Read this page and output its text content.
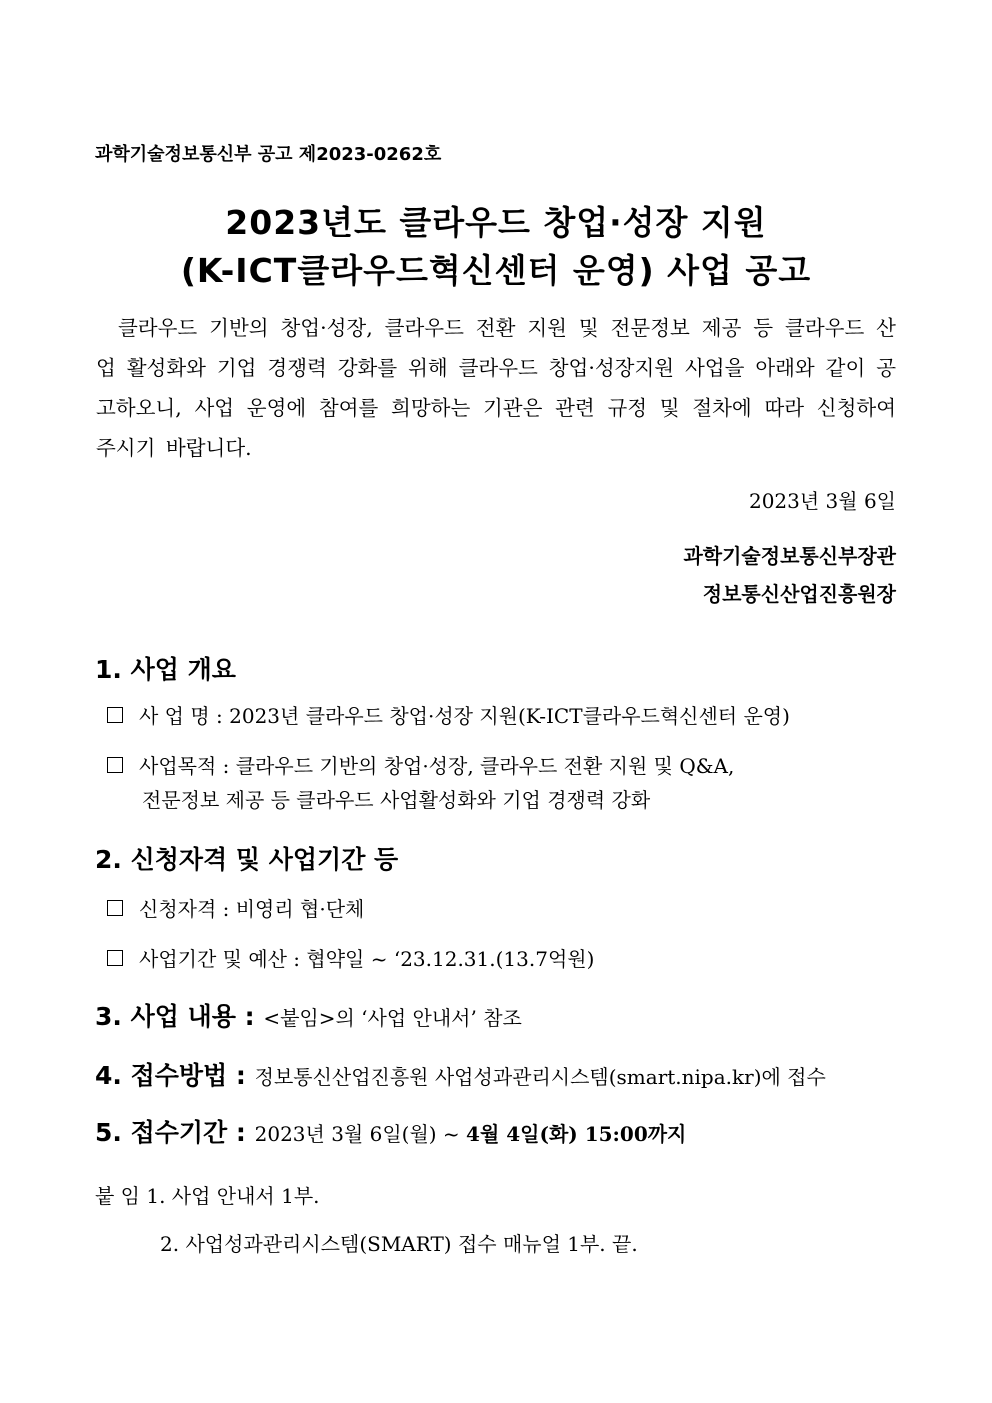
과학기술정보통신부 공고 제2023-0262호
2023년도 클라우드 창업·성장 지원
(K-ICT클라우드혁신센터 운영) 사업 공고
클라우드 기반의 창업·성장, 클라우드 전환 지원 및 전문정보 제공 등 클라우드 산업 활성화와 기업 경쟁력 강화를 위해 클라우드 창업·성장지원 사업을 아래와 같이 공고하오니, 사업 운영에 참여를 희망하는 기관은 관련 규정 및 절차에 따라 신청하여 주시기 바랍니다.
2023년 3월 6일
과학기술정보통신부장관
정보통신산업진흥원장
1. 사업 개요
사 업 명 : 2023년 클라우드 창업·성장 지원(K-ICT클라우드혁신센터 운영)
사업목적 : 클라우드 기반의 창업·성장, 클라우드 전환 지원 및 Q&A,
전문정보 제공 등 클라우드 사업활성화와 기업 경쟁력 강화
2. 신청자격 및 사업기간 등
신청자격 : 비영리 협·단체
사업기간 및 예산 : 협약일 ~ ‘23.12.31.(13.7억원)
3. 사업 내용 : <붙임>의 ‘사업 안내서’ 참조
4. 접수방법 : 정보통신산업진흥원 사업성과관리시스템(smart.nipa.kr)에 접수
5. 접수기간 : 2023년 3월 6일(월) ~ 4월 4일(화) 15:00까지
붙 임 1. 사업 안내서 1부.
2. 사업성과관리시스템(SMART) 접수 매뉴얼 1부. 끝.
